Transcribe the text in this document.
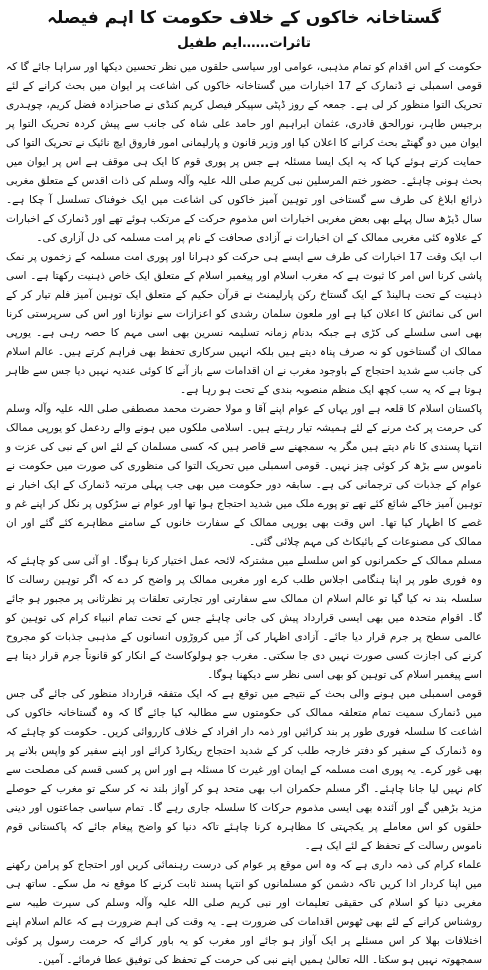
گستاخانہ خاکوں کے خلاف حکومت کا اہم فیصلہ
تاثرات……ایم طفیل

حکومت کے اس اقدام کو تمام مذہبی، عوامی اور سیاسی حلقوں میں نظر تحسین دیکھا اور سراہا جائے گا کہ قومی اسمبلی نے ڈنمارک کے 17 اخبارات میں گستاخانہ خاکوں کی اشاعت پر ایوان میں بحث کرانے کے لئے تحریک التوا منظور کر لی ہے۔ جمعہ کے روز ڈپٹی سپیکر فیصل کریم کنڈی نے صاحبزادہ فضل کریم، چوہدری برجیس طاہر، نورالحق قادری، عثمان ابراہیم اور حامد علی شاہ کی جانب سے پیش کردہ تحریک التوا پر ایوان میں دو گھنٹے بحث کرانے کا اعلان کیا اور وزیر قانون و پارلیمانی امور فاروق ایچ نائیک نے تحریک التوا کی حمایت کرتے ہوئے کہا کہ یہ ایک ایسا مسئلہ ہے جس پر پوری قوم کا ایک ہی موقف ہے اس پر ایوان میں بحث ہونی چاہئے۔ حضور ختم المرسلین نبی کریم صلی اللہ علیہ وآلہ وسلم کی ذات اقدس کے متعلق مغربی ذرائع ابلاغ کی طرف سے گستاخی اور توہین آمیز خاکوں کی اشاعت میں ایک خوفناک تسلسل آ چکا ہے۔ سال ڈیڑھ سال پہلے بھی بعض مغربی اخبارات اس مذموم حرکت کے مرتکب ہوئے تھے اور ڈنمارک کے اخبارات کے علاوہ کئی مغربی ممالک کے ان اخبارات نے آزادی صحافت کے نام پر امت مسلمہ کی دل آزاری کی۔

اب ایک وقت 17 اخبارات کی طرف سے ایسے ہی حرکت کو دہرانا اور پوری امت مسلمہ کے زخموں پر نمک پاشی کرنا اس امر کا ثبوت ہے کہ مغرب اسلام اور پیغمبر اسلام کے متعلق ایک خاص ذہنیت رکھتا ہے۔ اسی ذہنیت کے تحت ہالینڈ کے ایک گستاخ رکن پارلیمنٹ نے قرآن حکیم کے متعلق ایک توہین آمیز فلم تیار کر کے اس کی نمائش کا اعلان کیا ہے اور ملعون سلمان رشدی کو اعزازات سے نوازنا اور اس کی سرپرستی کرنا بھی اسی سلسلے کی کڑی ہے جبکہ بدنام زمانہ تسلیمہ نسرین بھی اسی مہم کا حصہ رہی ہے۔ یورپی ممالک ان گستاخوں کو نہ صرف پناہ دیتے ہیں بلکہ انہیں سرکاری تحفظ بھی فراہم کرتے ہیں۔ عالم اسلام کی جانب سے شدید احتجاج کے باوجود مغرب نے ان اقدامات سے باز آنے کا کوئی عندیہ نہیں دیا جس سے ظاہر ہوتا ہے کہ یہ سب کچھ ایک منظم منصوبہ بندی کے تحت ہو رہا ہے۔

پاکستان اسلام کا قلعہ ہے اور یہاں کے عوام اپنے آقا و مولا حضرت محمد مصطفی صلی اللہ علیہ وآلہ وسلم کی حرمت پر کٹ مرنے کے لئے ہمیشہ تیار رہتے ہیں۔ اسلامی ملکوں میں ہونے والے ردعمل کو یورپی ممالک انتہا پسندی کا نام دیتے ہیں مگر یہ سمجھنے سے قاصر ہیں کہ کسی مسلمان کے لئے اس کے نبی کی عزت و ناموس سے بڑھ کر کوئی چیز نہیں۔ قومی اسمبلی میں تحریک التوا کی منظوری کی صورت میں حکومت نے عوام کے جذبات کی ترجمانی کی ہے۔ سابقہ دور حکومت میں بھی جب پہلی مرتبہ ڈنمارک کے ایک اخبار نے توہین آمیز خاکے شائع کئے تھے تو پورے ملک میں شدید احتجاج ہوا تھا اور عوام نے سڑکوں پر نکل کر اپنے غم و غصے کا اظہار کیا تھا۔ اس وقت بھی یورپی ممالک کے سفارت خانوں کے سامنے مظاہرے کئے گئے اور ان ممالک کی مصنوعات کے بائیکاٹ کی مہم چلائی گئی۔

مسلم ممالک کے حکمرانوں کو اس سلسلے میں مشترکہ لائحہ عمل اختیار کرنا ہوگا۔ او آئی سی کو چاہئے کہ وہ فوری طور پر اپنا ہنگامی اجلاس طلب کرے اور مغربی ممالک پر واضح کر دے کہ اگر توہین رسالت کا سلسلہ بند نہ کیا گیا تو عالم اسلام ان ممالک سے سفارتی اور تجارتی تعلقات پر نظرثانی پر مجبور ہو جائے گا۔ اقوام متحدہ میں بھی ایسی قرارداد پیش کی جانی چاہئے جس کے تحت تمام انبیاء کرام کی توہین کو عالمی سطح پر جرم قرار دیا جائے۔ آزادی اظہار کی آڑ میں کروڑوں انسانوں کے مذہبی جذبات کو مجروح کرنے کی اجازت کسی صورت نہیں دی جا سکتی۔ مغرب جو ہولوکاسٹ کے انکار کو قانوناً جرم قرار دیتا ہے اسے پیغمبر اسلام کی توہین کو بھی اسی نظر سے دیکھنا ہوگا۔

قومی اسمبلی میں ہونے والی بحث کے نتیجے میں توقع ہے کہ ایک متفقہ قرارداد منظور کی جائے گی جس میں ڈنمارک سمیت تمام متعلقہ ممالک کی حکومتوں سے مطالبہ کیا جائے گا کہ وہ گستاخانہ خاکوں کی اشاعت کا سلسلہ فوری طور پر بند کرائیں اور ذمہ دار افراد کے خلاف کارروائی کریں۔ حکومت کو چاہئے کہ وہ ڈنمارک کے سفیر کو دفتر خارجہ طلب کر کے شدید احتجاج ریکارڈ کرائے اور اپنے سفیر کو واپس بلانے پر بھی غور کرے۔ یہ پوری امت مسلمہ کے ایمان اور غیرت کا مسئلہ ہے اور اس پر کسی قسم کی مصلحت سے کام نہیں لیا جانا چاہئے۔ اگر مسلم حکمران اب بھی متحد ہو کر آواز بلند نہ کر سکے تو مغرب کے حوصلے مزید بڑھیں گے اور آئندہ بھی ایسی مذموم حرکات کا سلسلہ جاری رہے گا۔ تمام سیاسی جماعتوں اور دینی حلقوں کو اس معاملے پر یکجہتی کا مظاہرہ کرنا چاہئے تاکہ دنیا کو واضح پیغام جائے کہ پاکستانی قوم ناموس رسالت کے تحفظ کے لئے ایک ہے۔

علماء کرام کی ذمہ داری ہے کہ وہ اس موقع پر عوام کی درست رہنمائی کریں اور احتجاج کو پرامن رکھنے میں اپنا کردار ادا کریں تاکہ دشمن کو مسلمانوں کو انتہا پسند ثابت کرنے کا موقع نہ مل سکے۔ ساتھ ہی مغربی دنیا کو اسلام کی حقیقی تعلیمات اور نبی کریم صلی اللہ علیہ وآلہ وسلم کی سیرت طیبہ سے روشناس کرانے کے لئے بھی ٹھوس اقدامات کی ضرورت ہے۔ یہ وقت کی اہم ضرورت ہے کہ عالم اسلام اپنے اختلافات بھلا کر اس مسئلے پر ایک آواز ہو جائے اور مغرب کو یہ باور کرائے کہ حرمت رسول پر کوئی سمجھوتہ نہیں ہو سکتا۔ اللہ تعالیٰ ہمیں اپنے نبی کی حرمت کے تحفظ کی توفیق عطا فرمائے۔ آمین۔
